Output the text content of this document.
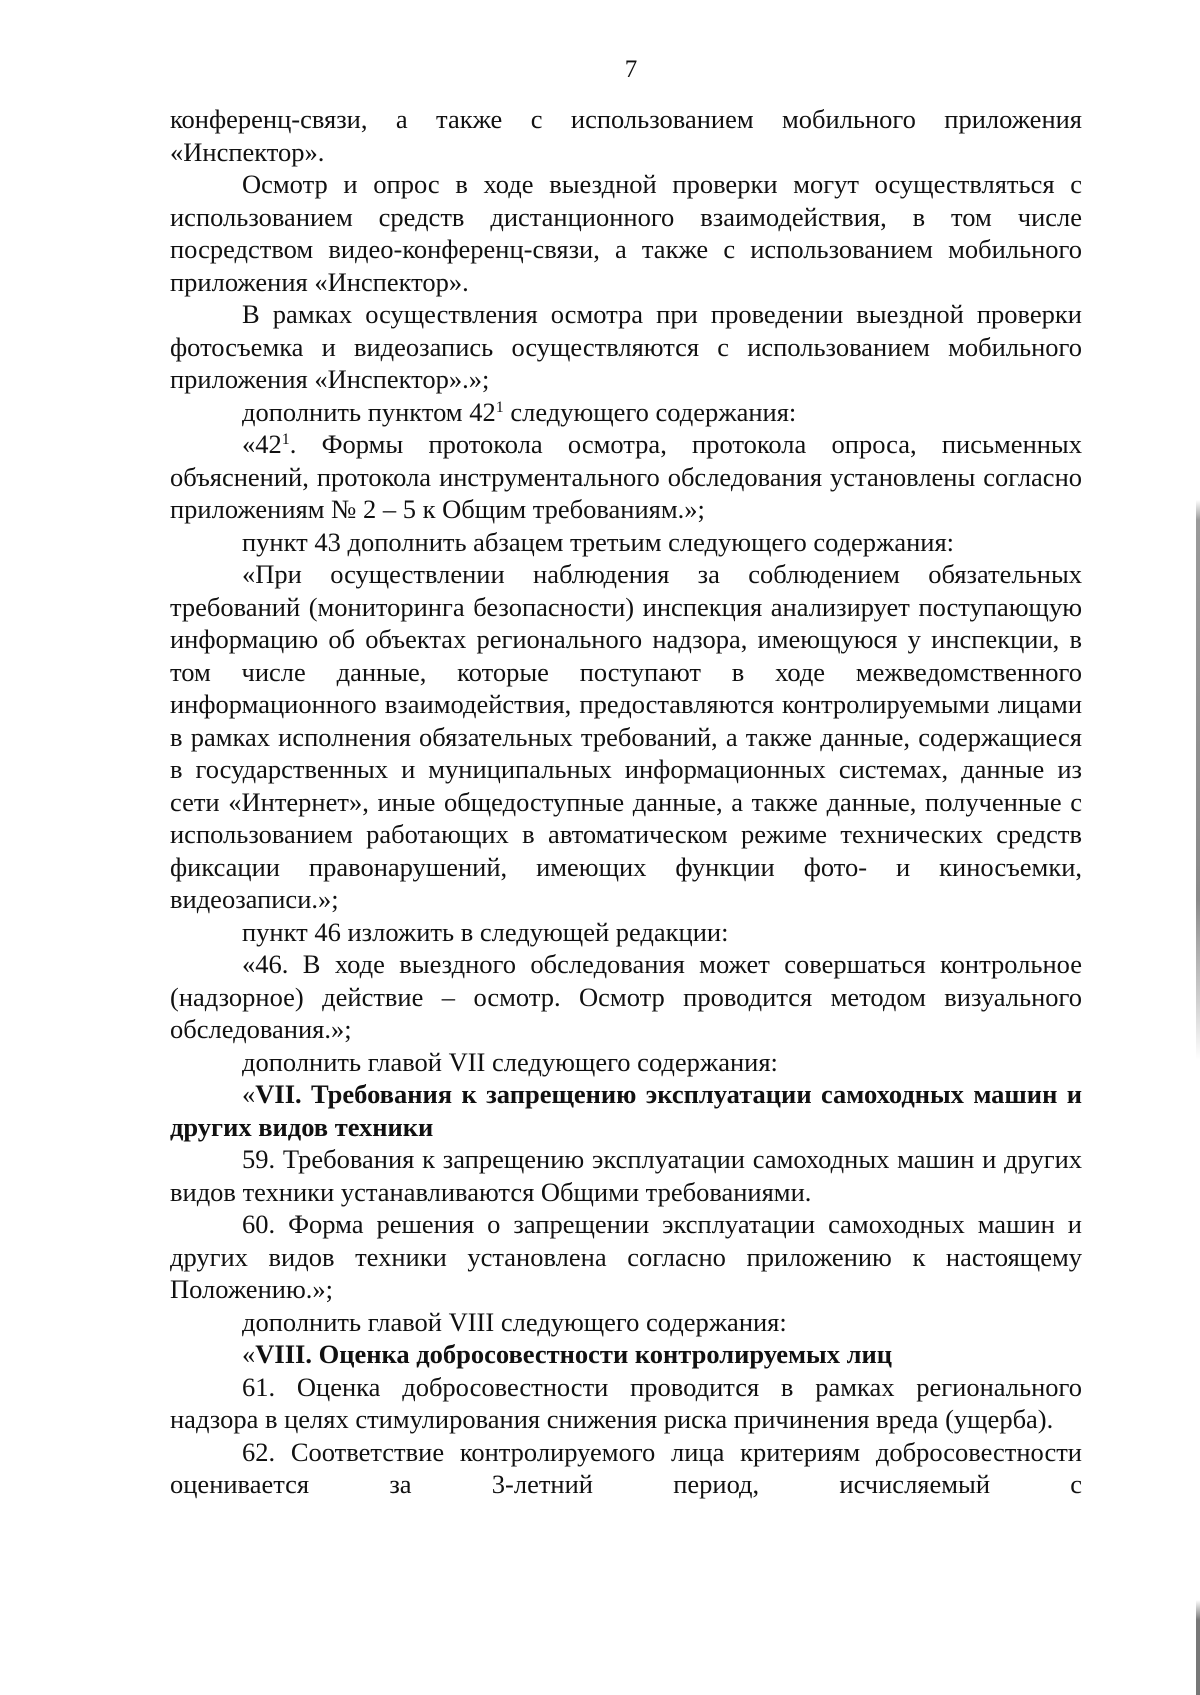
7

конференц-связи, а также с использованием мобильного приложения «Инспектор».

Осмотр и опрос в ходе выездной проверки могут осуществляться с использованием средств дистанционного взаимодействия, в том числе посредством видео-конференц-связи, а также с использованием мобильного приложения «Инспектор».

В рамках осуществления осмотра при проведении выездной проверки фотосъемка и видеозапись осуществляются с использованием мобильного приложения «Инспектор».»;

дополнить пунктом $42^1$ следующего содержания:

«$42^1$. Формы протокола осмотра, протокола опроса, письменных объяснений, протокола инструментального обследования установлены согласно приложениям № 2 – 5 к Общим требованиям.»;

пункт 43 дополнить абзацем третьим следующего содержания:

«При осуществлении наблюдения за соблюдением обязательных требований (мониторинга безопасности) инспекция анализирует поступающую информацию об объектах регионального надзора, имеющуюся у инспекции, в том числе данные, которые поступают в ходе межведомственного информационного взаимодействия, предоставляются контролируемыми лицами в рамках исполнения обязательных требований, а также данные, содержащиеся в государственных и муниципальных информационных системах, данные из сети «Интернет», иные общедоступные данные, а также данные, полученные с использованием работающих в автоматическом режиме технических средств фиксации правонарушений, имеющих функции фото- и киносъемки, видеозаписи.»;

пункт 46 изложить в следующей редакции:

«46. В ходе выездного обследования может совершаться контрольное (надзорное) действие – осмотр. Осмотр проводится методом визуального обследования.»;

дополнить главой VII следующего содержания:

«VII. Требования к запрещению эксплуатации самоходных машин и других видов техники

59. Требования к запрещению эксплуатации самоходных машин и других видов техники устанавливаются Общими требованиями.

60. Форма решения о запрещении эксплуатации самоходных машин и других видов техники установлена согласно приложению к настоящему Положению.»;

дополнить главой VIII следующего содержания:

«VIII. Оценка добросовестности контролируемых лиц

61. Оценка добросовестности проводится в рамках регионального надзора в целях стимулирования снижения риска причинения вреда (ущерба).

62. Соответствие контролируемого лица критериям добросовестности оценивается за 3-летний период, исчисляемый с
